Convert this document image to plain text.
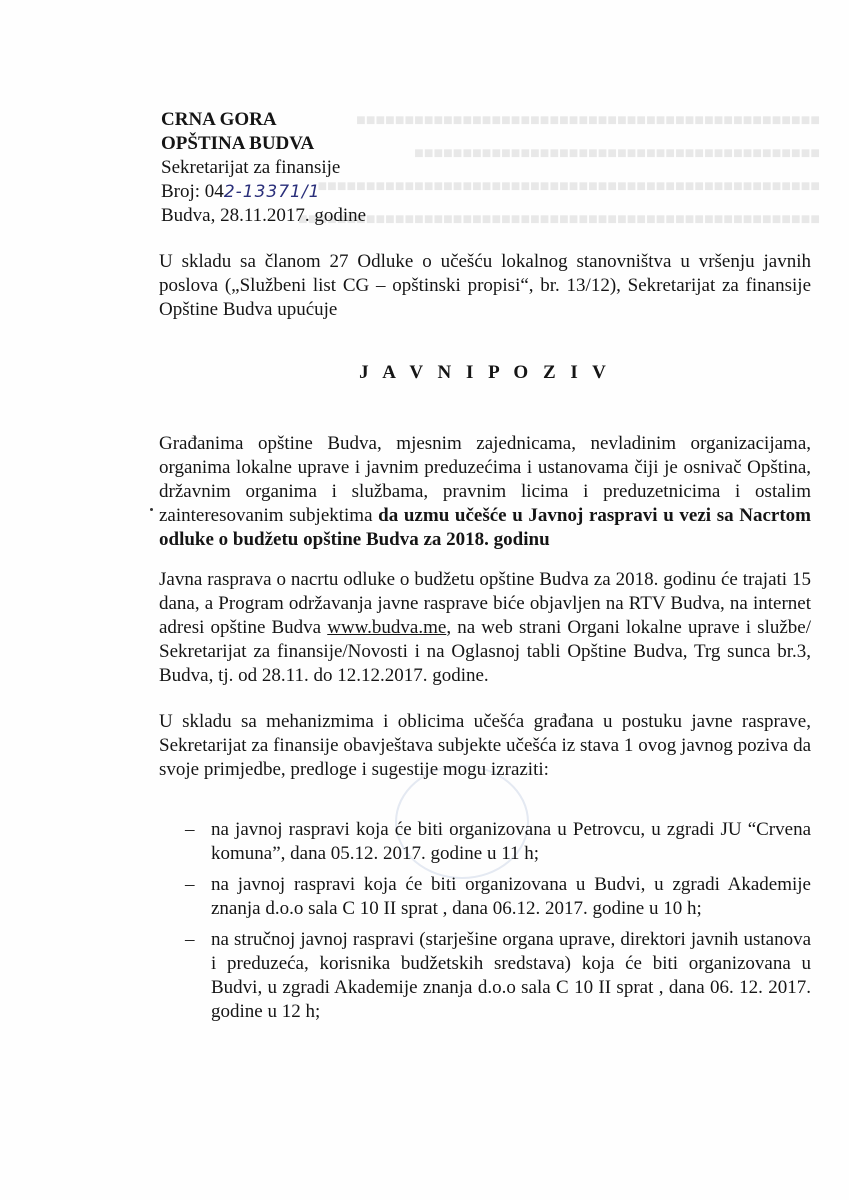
■■■■■■■■■■■■■■■■■■■■■■■■■■■■■■■■■■■■■■■■■■■■■■■■

■■■■■■■■■■■■■■■■■■■■■■■■■■■■■■■■■■■■■■■■■■

■■■■■■■■■■■■■■■■■■■■■■■■■■■■■■■■■■■■■■■■■■■■■■■■■■■■

■■■■■■■■■■■■■■■■■■■■■■■■■■■■■■■■■■■■■■■■■■■■■■■■■■■■■■

CRNA GORA
OPŠTINA BUDVA
Sekretarijat za finansije
Broj: 042-13371/1
Budva, 28.11.2017. godine
U skladu sa članom 27 Odluke o učešću lokalnog stanovništva u vršenju javnih poslova („Službeni list CG – opštinski propisi“, br. 13/12), Sekretarijat za finansije Opštine Budva upućuje
J A V N I P O Z I V
Građanima opštine Budva, mjesnim zajednicama, nevladinim organizacijama, organima lokalne uprave i javnim preduzećima i ustanovama čiji je osnivač Opština, državnim organima i službama, pravnim licima i preduzetnicima i ostalim zainteresovanim subjektima da uzmu učešće u Javnoj raspravi u vezi sa Nacrtom odluke o budžetu opštine Budva za 2018. godinu
Javna rasprava o nacrtu odluke o budžetu opštine Budva za 2018. godinu će trajati 15 dana, a Program održavanja javne rasprave biće objavljen na RTV Budva, na internet adresi opštine Budva www.budva.me, na web strani Organi lokalne uprave i službe/ Sekretarijat za finansije/Novosti i na Oglasnoj tabli Opštine Budva, Trg sunca br.3, Budva, tj. od 28.11. do 12.12.2017. godine.
U skladu sa mehanizmima i oblicima učešća građana u postuku javne rasprave, Sekretarijat za finansije obavještava subjekte učešća iz stava 1 ovog javnog poziva da svoje primjedbe, predloge i sugestije mogu izraziti:
– na javnoj raspravi koja će biti organizovana u Petrovcu, u zgradi JU “Crvena komuna”, dana 05.12. 2017. godine u 11 h;
– na javnoj raspravi koja će biti organizovana u Budvi, u zgradi Akademije znanja d.o.o sala C 10 II sprat , dana 06.12. 2017. godine u 10 h;
– na stručnoj javnoj raspravi (starješine organa uprave, direktori javnih ustanova i preduzeća, korisnika budžetskih sredstava) koja će biti organizovana u Budvi, u zgradi Akademije znanja d.o.o sala C 10 II sprat , dana 06. 12. 2017. godine u 12 h;
